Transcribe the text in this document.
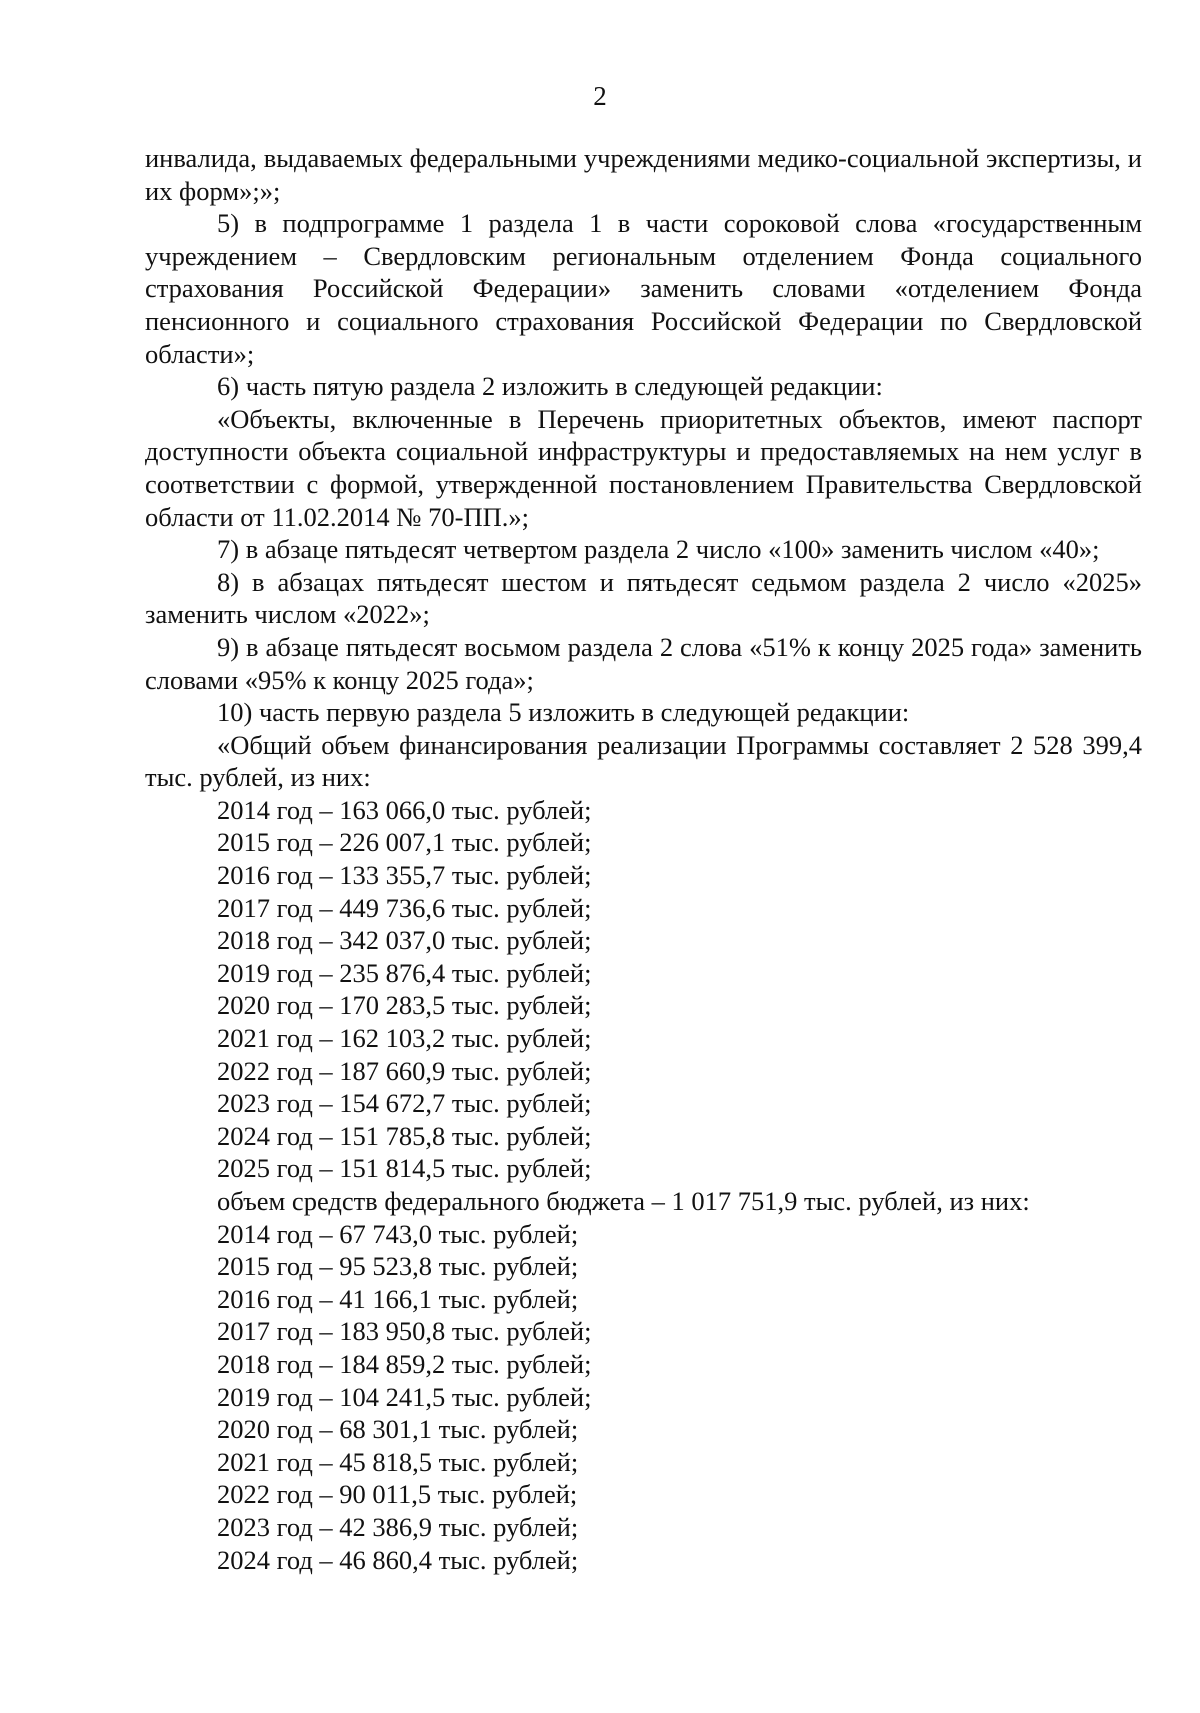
2

инвалида, выдаваемых федеральными учреждениями медико-социальной экспертизы, и их форм»;»;

5) в подпрограмме 1 раздела 1 в части сороковой слова «государственным учреждением – Свердловским региональным отделением Фонда социального страхования Российской Федерации» заменить словами «отделением Фонда пенсионного и социального страхования Российской Федерации по Свердловской области»;

6) часть пятую раздела 2 изложить в следующей редакции:

«Объекты, включенные в Перечень приоритетных объектов, имеют паспорт доступности объекта социальной инфраструктуры и предоставляемых на нем услуг в соответствии с формой, утвержденной постановлением Правительства Свердловской области от 11.02.2014 № 70-ПП.»;

7) в абзаце пятьдесят четвертом раздела 2 число «100» заменить числом «40»;

8) в абзацах пятьдесят шестом и пятьдесят седьмом раздела 2 число «2025» заменить числом «2022»;

9) в абзаце пятьдесят восьмом раздела 2 слова «51% к концу 2025 года» заменить словами «95% к концу 2025 года»;

10) часть первую раздела 5 изложить в следующей редакции:

«Общий объем финансирования реализации Программы составляет 2 528 399,4 тыс. рублей, из них:

2014 год – 163 066,0 тыс. рублей;

2015 год – 226 007,1 тыс. рублей;

2016 год – 133 355,7 тыс. рублей;

2017 год – 449 736,6 тыс. рублей;

2018 год – 342 037,0 тыс. рублей;

2019 год – 235 876,4 тыс. рублей;

2020 год – 170 283,5 тыс. рублей;

2021 год – 162 103,2 тыс. рублей;

2022 год – 187 660,9 тыс. рублей;

2023 год – 154 672,7 тыс. рублей;

2024 год – 151 785,8 тыс. рублей;

2025 год – 151 814,5 тыс. рублей;

объем средств федерального бюджета – 1 017 751,9 тыс. рублей, из них:

2014 год – 67 743,0 тыс. рублей;

2015 год – 95 523,8 тыс. рублей;

2016 год – 41 166,1 тыс. рублей;

2017 год – 183 950,8 тыс. рублей;

2018 год – 184 859,2 тыс. рублей;

2019 год – 104 241,5 тыс. рублей;

2020 год – 68 301,1 тыс. рублей;

2021 год – 45 818,5 тыс. рублей;

2022 год – 90 011,5 тыс. рублей;

2023 год – 42 386,9 тыс. рублей;

2024 год – 46 860,4 тыс. рублей;
